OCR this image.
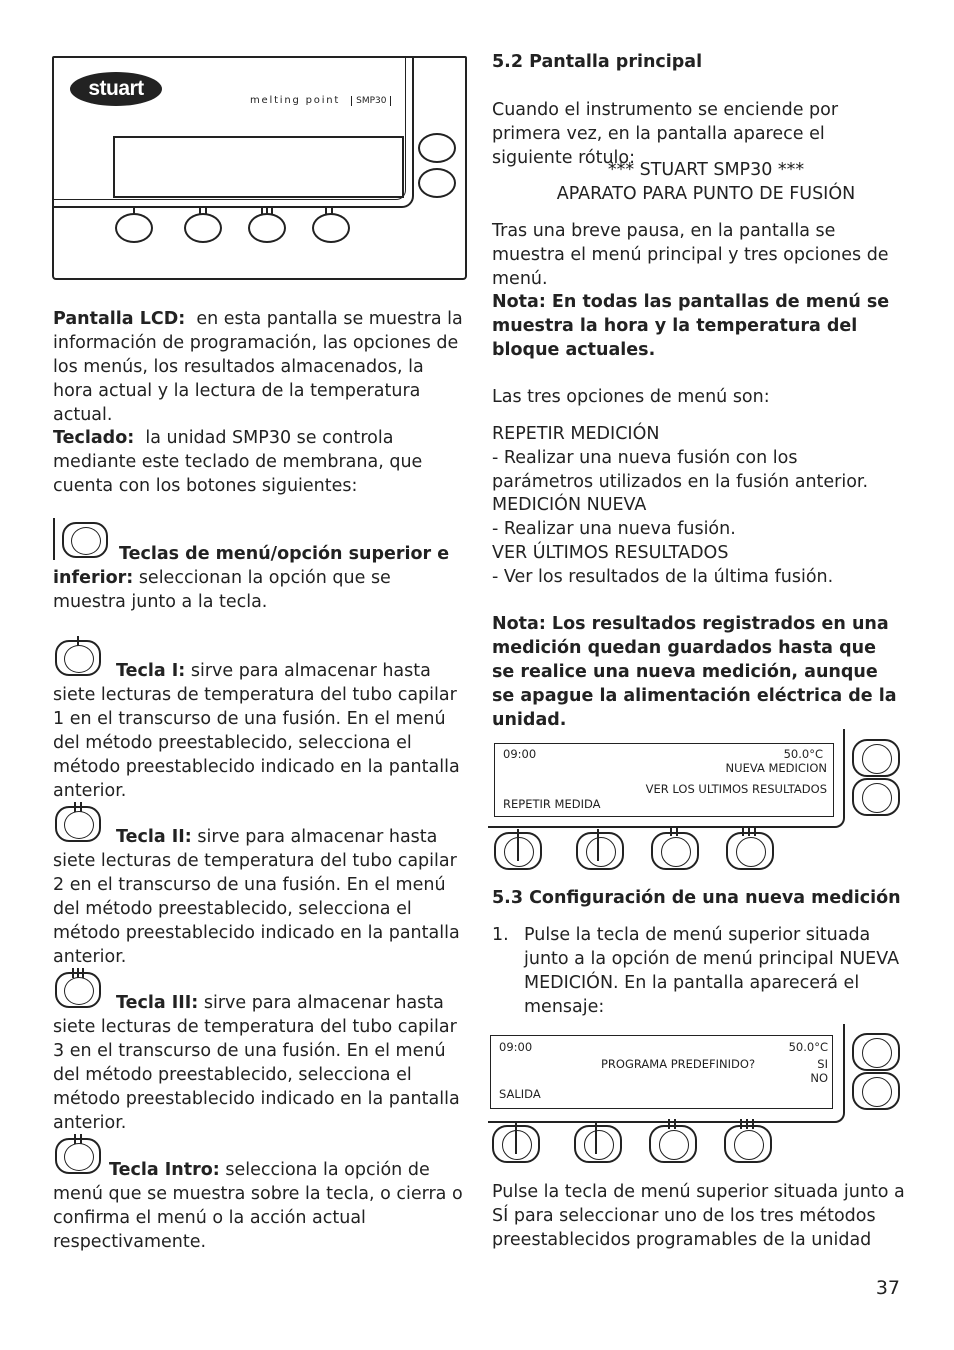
stuart
melting point SMP30

Pantalla LCD: en esta pantalla se muestra la información de programación, las opciones de los menús, los resultados almacenados, la hora actual y la lectura de la temperatura actual.

Teclado: la unidad SMP30 se controla mediante este teclado de membrana, que cuenta con los botones siguientes:

Teclas de menú/opción superior e inferior: seleccionan la opción que se muestra junto a la tecla.

Tecla I: sirve para almacenar hasta siete lecturas de temperatura del tubo capilar 1 en el transcurso de una fusión. En el menú del método preestablecido, selecciona el método preestablecido indicado en la pantalla anterior.

Tecla II: sirve para almacenar hasta siete lecturas de temperatura del tubo capilar 2 en el transcurso de una fusión. En el menú del método preestablecido, selecciona el método preestablecido indicado en la pantalla anterior.

Tecla III: sirve para almacenar hasta siete lecturas de temperatura del tubo capilar 3 en el transcurso de una fusión. En el menú del método preestablecido, selecciona el método preestablecido indicado en la pantalla anterior.

Tecla Intro: selecciona la opción de menú que se muestra sobre la tecla, o cierra o confirma el menú o la acción actual respectivamente.

5.2 Pantalla principal

Cuando el instrumento se enciende por primera vez, en la pantalla aparece el siguiente rótulo:

*** STUART SMP30 ***

APARATO PARA PUNTO DE FUSIÓN

Tras una breve pausa, en la pantalla se muestra el menú principal y tres opciones de menú.

Nota: En todas las pantallas de menú se muestra la hora y la temperatura del bloque actuales.

Las tres opciones de menú son:

REPETIR MEDICIÓN

- Realizar una nueva fusión con los parámetros utilizados en la fusión anterior.

MEDICIÓN NUEVA

- Realizar una nueva fusión.

VER ÚLTIMOS RESULTADOS

- Ver los resultados de la última fusión.

Nota: Los resultados registrados en una medición quedan guardados hasta que se realice una nueva medición, aunque se apague la alimentación eléctrica de la unidad.

09:00	50.0°C
NUEVA MEDICION
VER LOS ULTIMOS RESULTADOS
REPETIR MEDIDA

5.3 Configuración de una nueva medición

1. Pulse la tecla de menú superior situada junto a la opción de menú principal NUEVA MEDICIÓN. En la pantalla aparecerá el mensaje:

09:00	50.0°C
PROGRAMA PREDEFINIDO?	SI
NO
SALIDA

Pulse la tecla de menú superior situada junto a SÍ para seleccionar uno de los tres métodos preestablecidos programables de la unidad

37
